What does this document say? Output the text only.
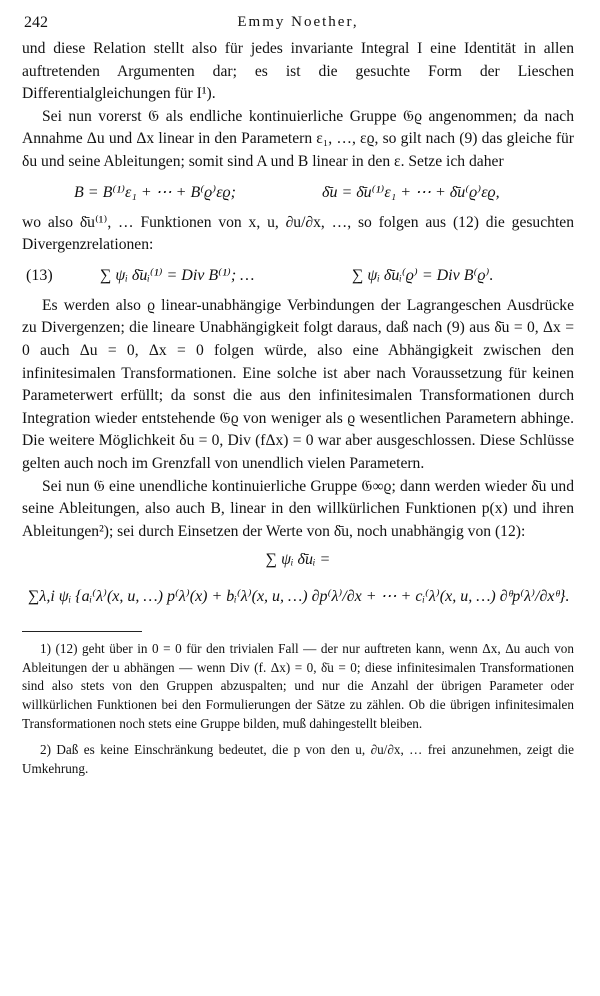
242	Emmy Noether,

und diese Relation stellt also für jedes invariante Integral I eine Identität in allen auftretenden Argumenten dar; es ist die gesuchte Form der Lieschen Differentialgleichungen für I¹).

Sei nun vorerst 𝔊 als endliche kontinuierliche Gruppe 𝔊ϱ angenommen; da nach Annahme Δu und Δx linear in den Parametern ε₁, …, εϱ, so gilt nach (9) das gleiche für δu und seine Ableitungen; somit sind A und B linear in den ε. Setze ich daher

B = B⁽¹⁾ε₁ + ⋯ + B⁽ϱ⁾εϱ;	δ̄u = δ̄u⁽¹⁾ε₁ + ⋯ + δ̄u⁽ϱ⁾εϱ,

wo also δ̄u⁽¹⁾, … Funktionen von x, u, ∂u/∂x, …, so folgen aus (12) die gesuchten Divergenzrelationen:

(13)	∑ ψᵢ δ̄uᵢ⁽¹⁾ = Div B⁽¹⁾; …	∑ ψᵢ δ̄uᵢ⁽ϱ⁾ = Div B⁽ϱ⁾.

Es werden also ϱ linear-unabhängige Verbindungen der Lagrangeschen Ausdrücke zu Divergenzen; die lineare Unabhängigkeit folgt daraus, daß nach (9) aus δ̄u = 0, Δx = 0 auch Δu = 0, Δx = 0 folgen würde, also eine Abhängigkeit zwischen den infinitesimalen Transformationen. Eine solche ist aber nach Voraussetzung für keinen Parameterwert erfüllt; da sonst die aus den infinitesimalen Transformationen durch Integration wieder entstehende 𝔊ϱ von weniger als ϱ wesentlichen Parametern abhinge. Die weitere Möglichkeit δu = 0, Div (fΔx) = 0 war aber ausgeschlossen. Diese Schlüsse gelten auch noch im Grenzfall von unendlich vielen Parametern.

Sei nun 𝔊 eine unendliche kontinuierliche Gruppe 𝔊∞ϱ; dann werden wieder δ̄u und seine Ableitungen, also auch B, linear in den willkürlichen Funktionen p(x) und ihren Ableitungen²); sei durch Einsetzen der Werte von δ̄u, noch unabhängig von (12):

∑ ψᵢ δ̄uᵢ =
∑λ,i ψᵢ {aᵢ⁽λ⁾(x, u, …) p⁽λ⁾(x) + bᵢ⁽λ⁾(x, u, …) ∂p⁽λ⁾/∂x + ⋯ + cᵢ⁽λ⁾(x, u, …) ∂ᶿp⁽λ⁾/∂xᶿ}.

1) (12) geht über in 0 = 0 für den trivialen Fall — der nur auftreten kann, wenn Δx, Δu auch von Ableitungen der u abhängen — wenn Div (f. Δx) = 0, δ̄u = 0; diese infinitesimalen Transformationen sind also stets von den Gruppen abzuspalten; und nur die Anzahl der übrigen Parameter oder willkürlichen Funktionen bei den Formulierungen der Sätze zu zählen. Ob die übrigen infinitesimalen Transformationen noch stets eine Gruppe bilden, muß dahingestellt bleiben.

2) Daß es keine Einschränkung bedeutet, die p von den u, ∂u/∂x, … frei anzunehmen, zeigt die Umkehrung.
